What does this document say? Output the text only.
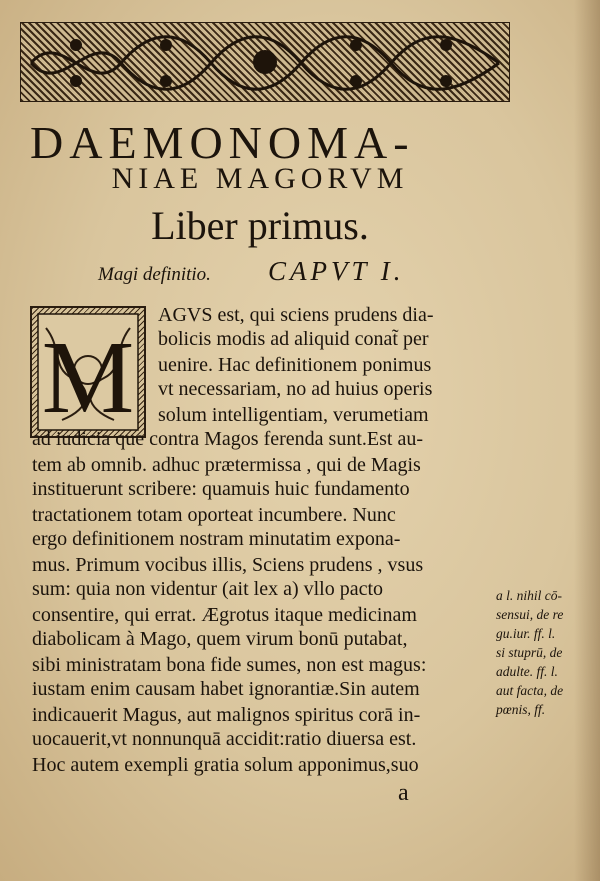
DAEMONOMA-
NIAE MAGORVM
Liber primus.
Magi definitio. CAPVT I.
M
AGVS est, qui sciens prudens dia-
bolicis modis ad aliquid conat̃ per
uenire. Hac definitionem ponimus
vt necessariam, no ad huius operis
solum intelligentiam, verumetiam
ad iudicia que contra Magos ferenda sunt.Est au-
tem ab omnib. adhuc prætermissa , qui de Magis
instituerunt scribere: quamuis huic fundamento
tractationem totam oporteat incumbere. Nunc
ergo definitionem nostram minutatim exponа-
mus. Primum vocibus illis, Sciens prudens , vsus
sum: quia non videntur (ait lex a) vllo pacto
consentire, qui errat. Ægrotus itaque medicinam
diabolicam à Mago, quem virum bonū putabat,
sibi ministratam bona fide sumes, non est magus:
iustam enim causam habet ignorantiæ.Sin autem
indicauerit Magus, aut malignos spiritus corā in-
uocauerit,vt nonnunquā accidit:ratio diuersa est.
Hoc autem exempli gratia solum apponimus,suo
a l. nihil cō-
sensui, de re
gu.iur. ff. l.
si stuprū, de
adulte. ff. l.
aut facta, de
pœnis, ff.
a
